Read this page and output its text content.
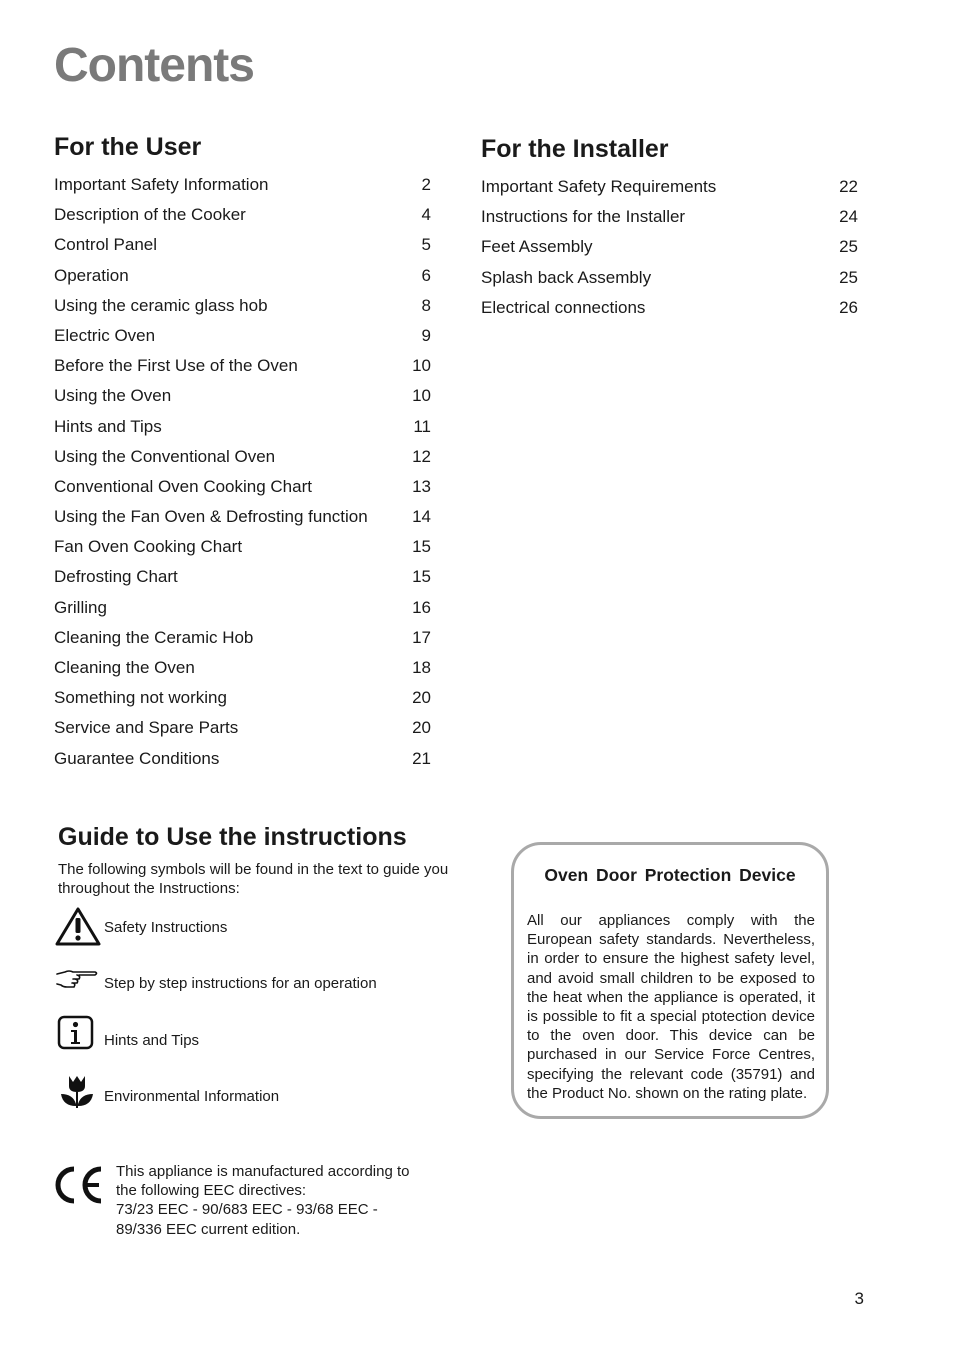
Contents
For the User
Important Safety Information	2
Description of the Cooker	4
Control Panel	5
Operation	6
Using the ceramic glass hob	8
Electric Oven	9
Before the First Use of the Oven	10
Using the Oven	10
Hints and Tips	11
Using the Conventional Oven	12
Conventional Oven Cooking Chart	13
Using the Fan Oven & Defrosting function	14
Fan Oven Cooking Chart	15
Defrosting Chart	15
Grilling	16
Cleaning the Ceramic Hob	17
Cleaning the Oven	18
Something not working	20
Service and Spare Parts	20
Guarantee Conditions	21
For the Installer
Important Safety Requirements	22
Instructions for the Installer	24
Feet Assembly	25
Splash back Assembly	25
Electrical connections	26
Guide to Use the instructions

The following symbols will be found in the text to guide you throughout the Instructions:

Safety Instructions
Step by step instructions for an operation
Hints and Tips
Environmental Information
Oven Door Protection Device
All our appliances comply with the European safety standards. Nevertheless, in order to ensure the highest safety level, and avoid small children to be exposed to the heat when the appliance is operated, it is possible to fit a special ptotection device to the oven door. This device can be purchased in our Service Force Centres, specifying the relevant code (35791) and the Product No. shown on the rating plate.

This appliance is manufactured according to
the following EEC directives:
73/23 EEC - 90/683 EEC - 93/68 EEC -
89/336 EEC current edition.

3
